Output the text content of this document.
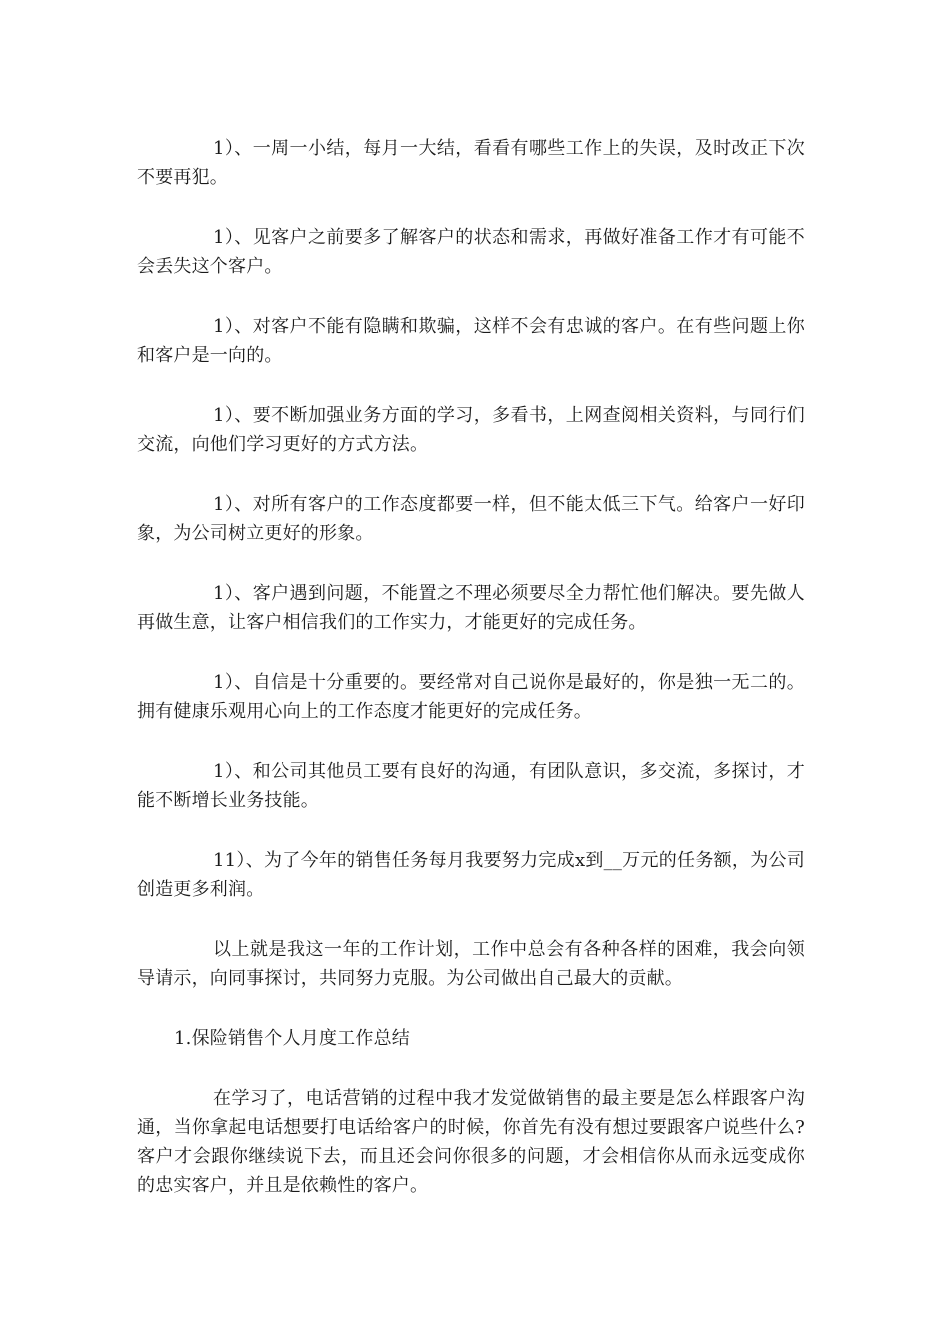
1）、一周一小结，每月一大结，看看有哪些工作上的失误，及时改正下次不要再犯。

1）、见客户之前要多了解客户的状态和需求，再做好准备工作才有可能不会丢失这个客户。

1）、对客户不能有隐瞒和欺骗，这样不会有忠诚的客户。在有些问题上你和客户是一向的。

1）、要不断加强业务方面的学习，多看书，上网查阅相关资料，与同行们交流，向他们学习更好的方式方法。

1）、对所有客户的工作态度都要一样，但不能太低三下气。给客户一好印象，为公司树立更好的形象。

1）、客户遇到问题，不能置之不理必须要尽全力帮忙他们解决。要先做人再做生意，让客户相信我们的工作实力，才能更好的完成任务。

1）、自信是十分重要的。要经常对自己说你是最好的，你是独一无二的。拥有健康乐观用心向上的工作态度才能更好的完成任务。

1）、和公司其他员工要有良好的沟通，有团队意识，多交流，多探讨，才能不断增长业务技能。

11）、为了今年的销售任务每月我要努力完成x到__万元的任务额，为公司创造更多利润。

以上就是我这一年的工作计划，工作中总会有各种各样的困难，我会向领导请示，向同事探讨，共同努力克服。为公司做出自己最大的贡献。

1.保险销售个人月度工作总结

在学习了，电话营销的过程中我才发觉做销售的最主要是怎么样跟客户沟通，当你拿起电话想要打电话给客户的时候，你首先有没有想过要跟客户说些什么?客户才会跟你继续说下去，而且还会问你很多的问题，才会相信你从而永远变成你的忠实客户，并且是依赖性的客户。
